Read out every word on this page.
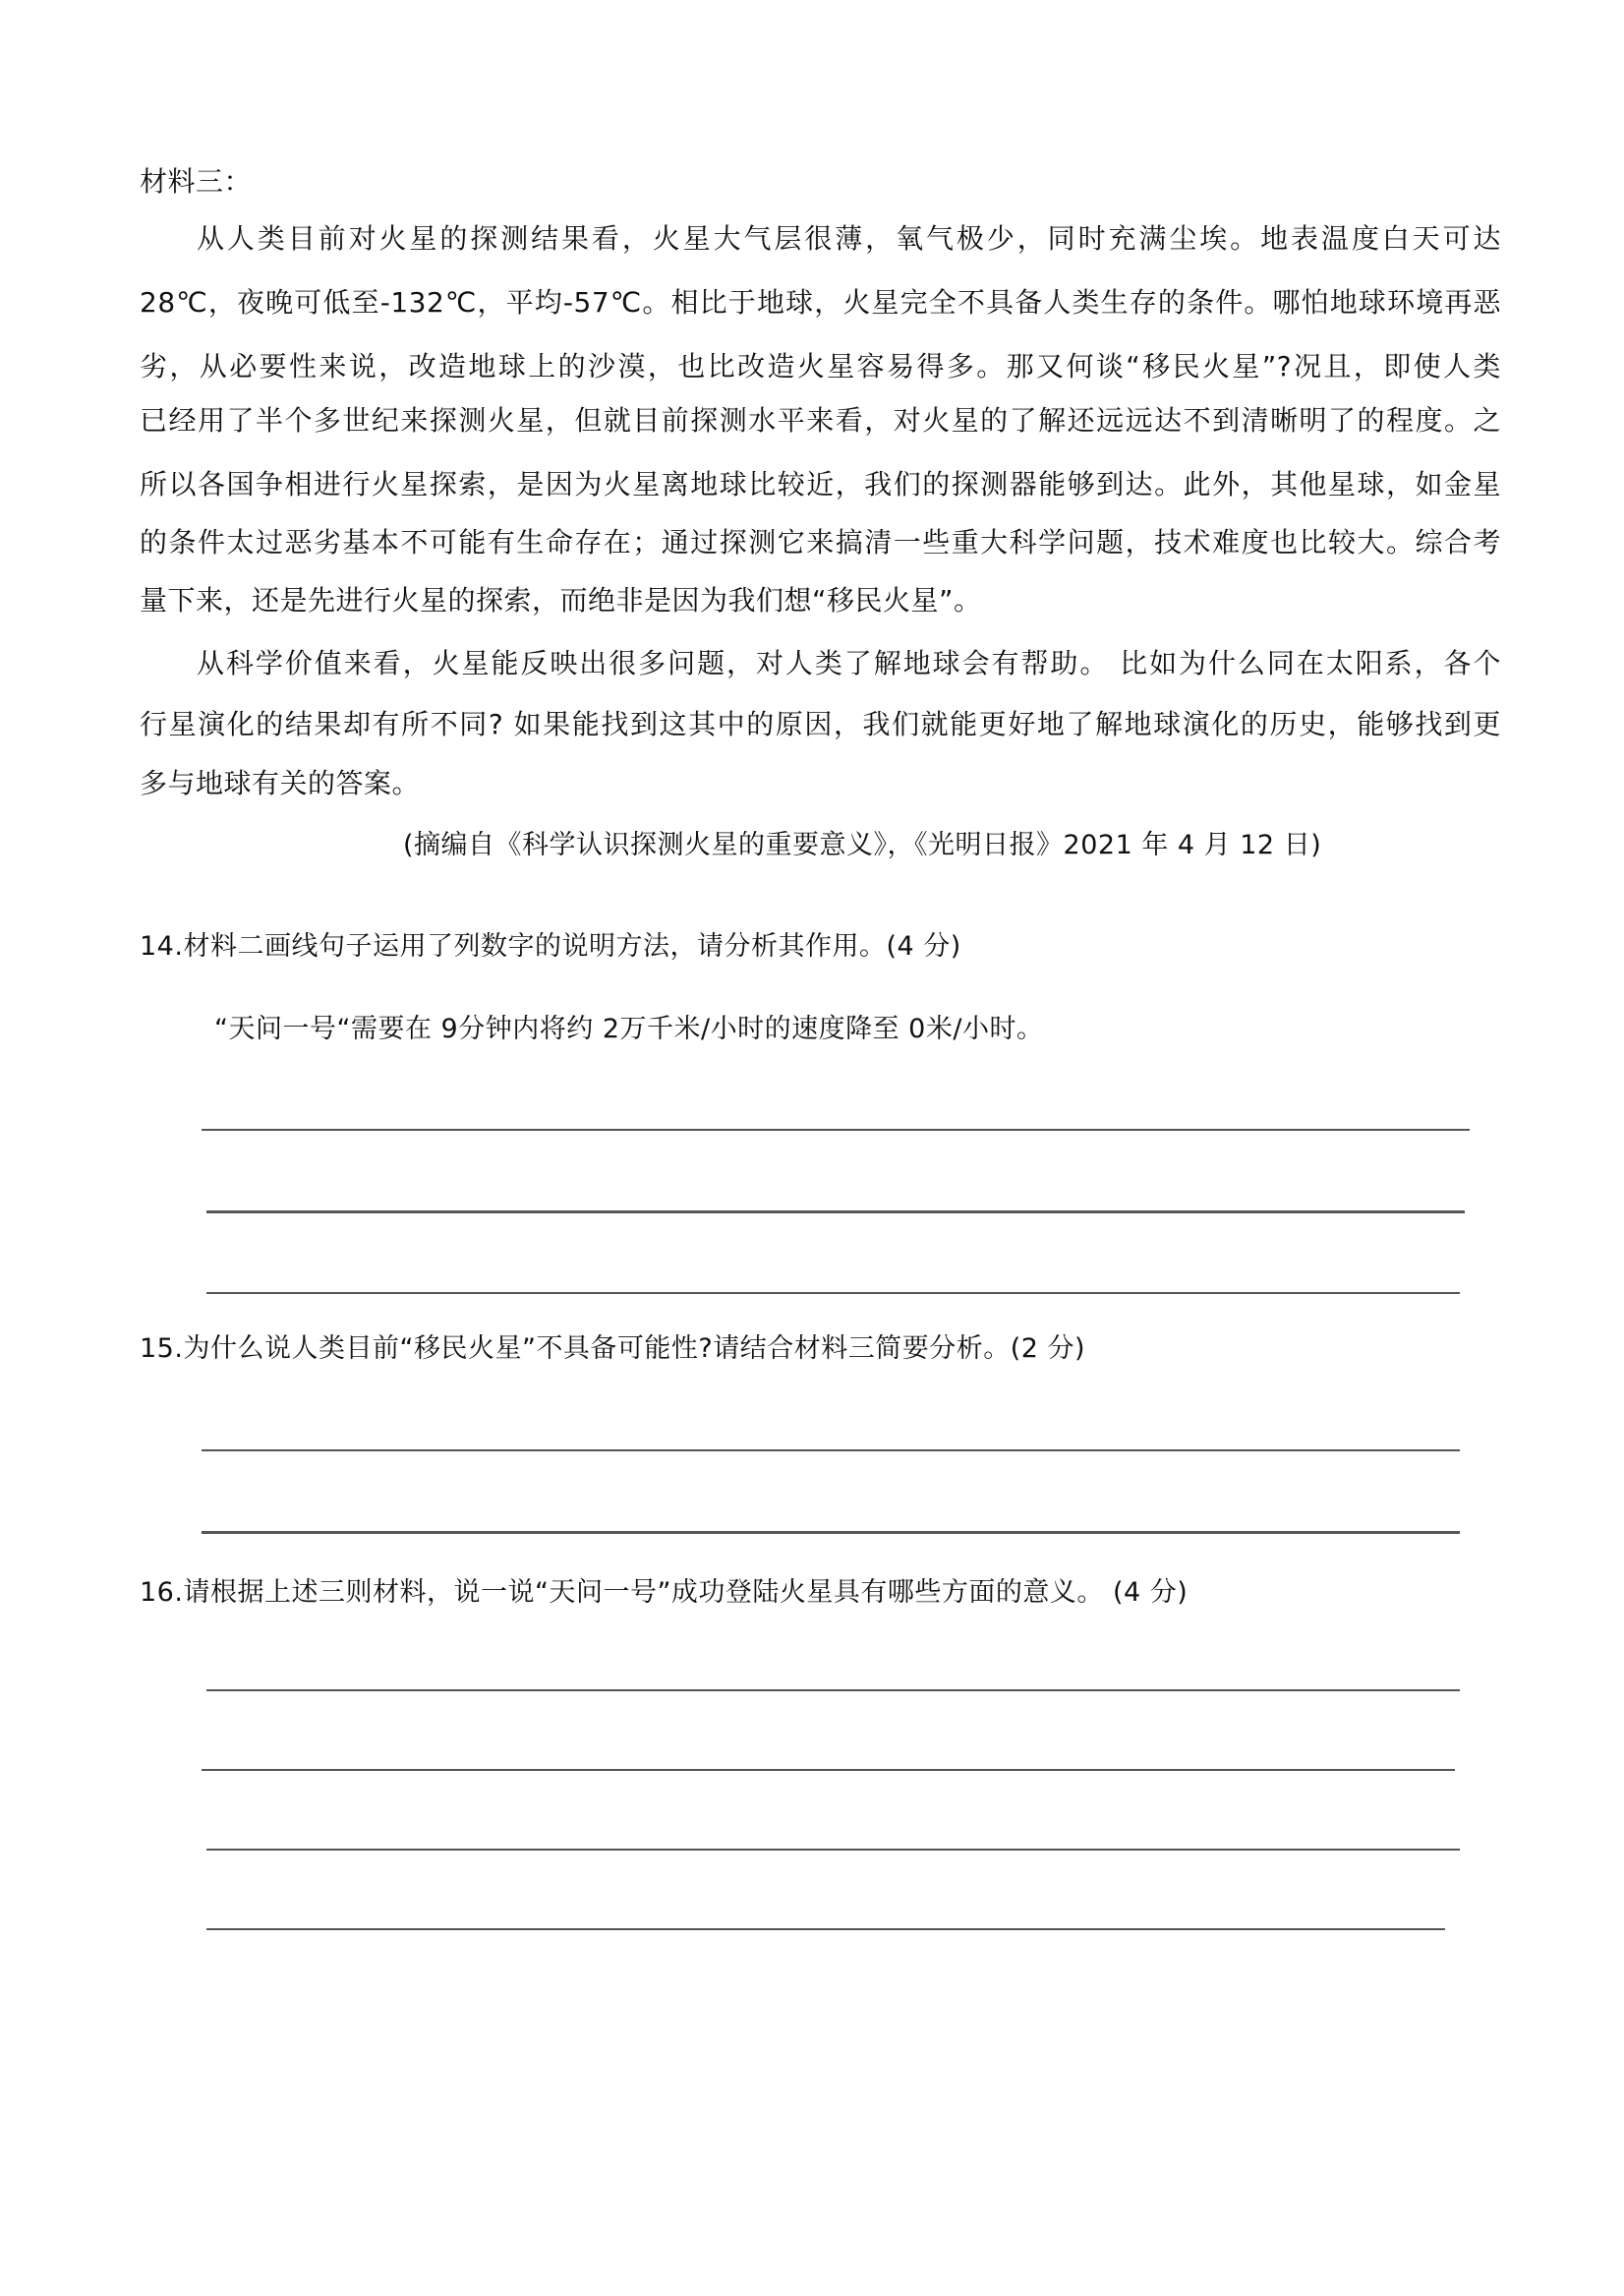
材料三：
从人类目前对火星的探测结果看，火星大气层很薄，氧气极少，同时充满尘埃。地表温度白天可达
28℃，夜晚可低至-132℃，平均-57℃。相比于地球，火星完全不具备人类生存的条件。哪怕地球环境再恶
劣，从必要性来说，改造地球上的沙漠，也比改造火星容易得多。那又何谈“移民火星”?况且，即使人类
已经用了半个多世纪来探测火星，但就目前探测水平来看，对火星的了解还远远达不到清晰明了的程度。之
所以各国争相进行火星探索，是因为火星离地球比较近，我们的探测器能够到达。此外，其他星球，如金星
的条件太过恶劣基本不可能有生命存在；通过探测它来搞清一些重大科学问题，技术难度也比较大。综合考
量下来，还是先进行火星的探索，而绝非是因为我们想“移民火星”。
从科学价值来看，火星能反映出很多问题，对人类了解地球会有帮助。 比如为什么同在太阳系，各个
行星演化的结果却有所不同? 如果能找到这其中的原因，我们就能更好地了解地球演化的历史，能够找到更
多与地球有关的答案。
(摘编自《科学认识探测火星的重要意义》，《光明日报》2021 年 4 月 12 日)
14.材料二画线句子运用了列数字的说明方法，请分析其作用。(4 分)
“天问一号“需要在 9分钟内将约 2万千米/小时的速度降至 0米/小时。
15.为什么说人类目前“移民火星”不具备可能性?请结合材料三简要分析。(2 分)
16.请根据上述三则材料，说一说“天问一号”成功登陆火星具有哪些方面的意义。 (4 分)
